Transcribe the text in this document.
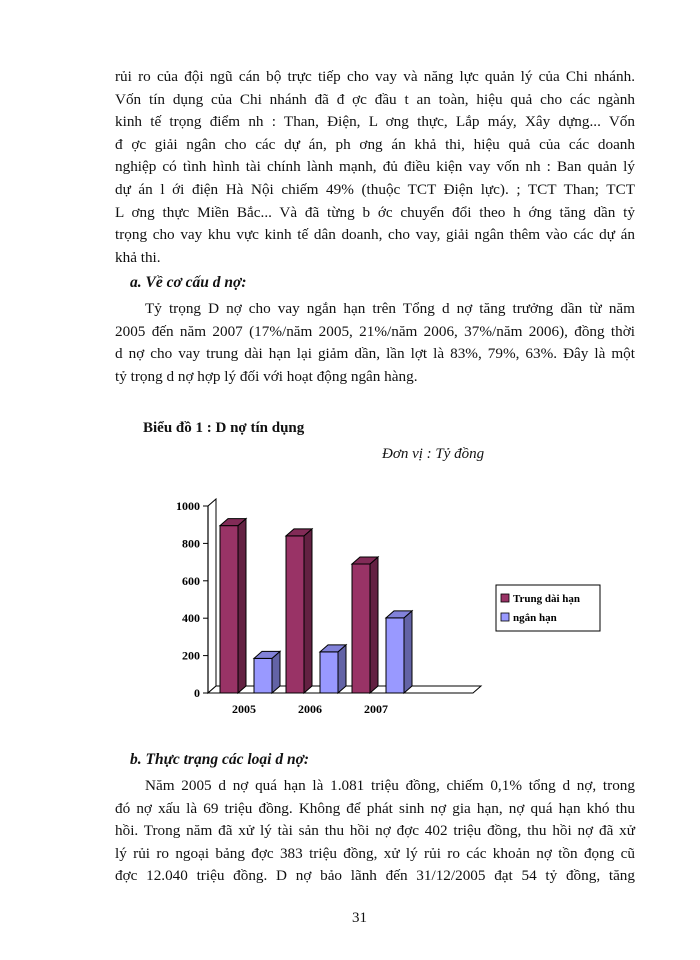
rủi ro của đội ngũ cán bộ trực tiếp cho vay và năng lực quản lý của Chi nhánh.
Vốn tín dụng của Chi nhánh đã đ ợc đầu t an toàn, hiệu quả cho các ngành
kinh tế trọng điểm nh : Than, Điện, L ơng thực, Lắp máy, Xây dựng... Vốn
đ ợc giải ngân cho các dự án, ph ơng án khả thi, hiệu quả của các doanh
nghiệp có tình hình tài chính lành mạnh, đủ điều kiện vay vốn nh : Ban quản lý
dự án l ới điện Hà Nội chiếm 49% (thuộc TCT Điện lực). ; TCT Than; TCT
L ơng thực Miền Bắc... Và đã từng b ớc chuyển đổi theo h ớng tăng dần tỷ
trọng cho vay khu vực kinh tế dân doanh, cho vay, giải ngân thêm vào các dự án
khả thi.

a. Về cơ cấu d nợ:

Tỷ trọng D nợ cho vay ngắn hạn trên Tổng d nợ tăng trưởng dần từ năm
2005 đến năm 2007 (17%/năm 2005, 21%/năm 2006, 37%/năm 2006), đồng thời
d nợ cho vay trung dài hạn lại giảm dần, lần lợt là 83%, 79%, 63%. Đây là một
tỷ trọng d nợ hợp lý đối với hoạt động ngân hàng.

Biểu đồ 1 : D nợ tín dụng

Đơn vị : Tỷ đồng

0
200
400
600
800
1000
2005	2006	2007
Trung dài hạn
ngắn hạn

b. Thực trạng các loại d nợ:

Năm 2005 d nợ quá hạn là 1.081 triệu đồng, chiếm 0,1% tổng d nợ, trong
đó nợ xấu là 69 triệu đồng. Không để phát sinh nợ gia hạn, nợ quá hạn khó thu
hồi. Trong năm đã xử lý tài sản thu hồi nợ đợc 402 triệu đồng, thu hồi nợ đã xử
lý rủi ro ngoại bảng đợc 383 triệu đồng, xử lý rủi ro các khoản nợ tồn đọng cũ
đợc 12.040 triệu đồng. D nợ bảo lãnh đến 31/12/2005 đạt 54 tỷ đồng, tăng

31
